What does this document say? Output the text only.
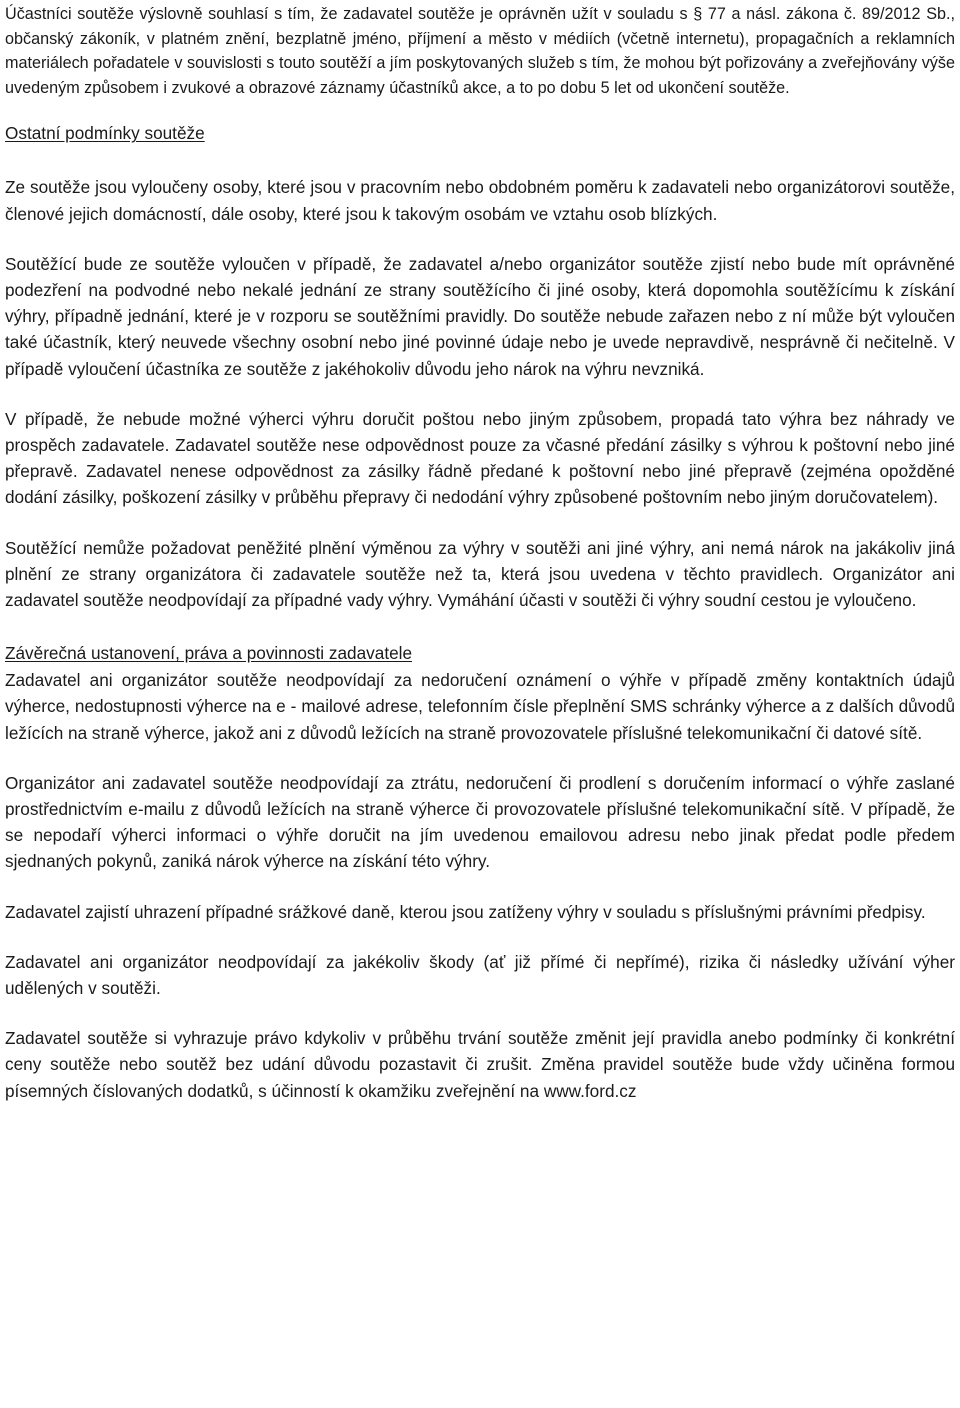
Účastníci soutěže výslovně souhlasí s tím, že zadavatel soutěže je oprávněn užít v souladu s § 77 a násl. zákona č. 89/2012 Sb., občanský zákoník, v platném znění, bezplatně jméno, příjmení a město v médiích (včetně internetu), propagačních a reklamních materiálech pořadatele v souvislosti s touto soutěží a jím poskytovaných služeb s tím, že mohou být pořizovány a zveřejňovány výše uvedeným způsobem i zvukové a obrazové záznamy účastníků akce, a to po dobu 5 let od ukončení soutěže.

Ostatní podmínky soutěže

Ze soutěže jsou vyloučeny osoby, které jsou v pracovním nebo obdobném poměru k zadavateli nebo organizátorovi soutěže, členové jejich domácností, dále osoby, které jsou k takovým osobám ve vztahu osob blízkých.

Soutěžící bude ze soutěže vyloučen v případě, že zadavatel a/nebo organizátor soutěže zjistí nebo bude mít oprávněné podezření na podvodné nebo nekalé jednání ze strany soutěžícího či jiné osoby, která dopomohla soutěžícímu k získání výhry, případně jednání, které je v rozporu se soutěžními pravidly. Do soutěže nebude zařazen nebo z ní může být vyloučen také účastník, který neuvede všechny osobní nebo jiné povinné údaje nebo je uvede nepravdivě, nesprávně či nečitelně. V případě vyloučení účastníka ze soutěže z jakéhokoliv důvodu jeho nárok na výhru nevzniká.

V případě, že nebude možné výherci výhru doručit poštou nebo jiným způsobem, propadá tato výhra bez náhrady ve prospěch zadavatele. Zadavatel soutěže nese odpovědnost pouze za včasné předání zásilky s výhrou k poštovní nebo jiné přepravě. Zadavatel nenese odpovědnost za zásilky řádně předané k poštovní nebo jiné přepravě (zejména opožděné dodání zásilky, poškození zásilky v průběhu přepravy či nedodání výhry způsobené poštovním nebo jiným doručovatelem).

Soutěžící nemůže požadovat peněžité plnění výměnou za výhry v soutěži ani jiné výhry, ani nemá nárok na jakákoliv jiná plnění ze strany organizátora či zadavatele soutěže než ta, která jsou uvedena v těchto pravidlech. Organizátor ani zadavatel soutěže neodpovídají za případné vady výhry. Vymáhání účasti v soutěži či výhry soudní cestou je vyloučeno.

Závěrečná ustanovení, práva a povinnosti zadavatele

Zadavatel ani organizátor soutěže neodpovídají za nedoručení oznámení o výhře v případě změny kontaktních údajů výherce, nedostupnosti výherce na e - mailové adrese, telefonním čísle přeplnění SMS schránky výherce a z dalších důvodů ležících na straně výherce, jakož ani z důvodů ležících na straně provozovatele příslušné telekomunikační či datové sítě.

Organizátor ani zadavatel soutěže neodpovídají za ztrátu, nedoručení či prodlení s doručením informací o výhře zaslané prostřednictvím e-mailu z důvodů ležících na straně výherce či provozovatele příslušné telekomunikační sítě. V případě, že se nepodaří výherci informaci o výhře doručit na jím uvedenou emailovou adresu nebo jinak předat podle předem sjednaných pokynů, zaniká nárok výherce na získání této výhry.

Zadavatel zajistí uhrazení případné srážkové daně, kterou jsou zatíženy výhry v souladu s příslušnými právními předpisy.

Zadavatel ani organizátor neodpovídají za jakékoliv škody (ať již přímé či nepřímé), rizika či následky užívání výher udělených v soutěži.

Zadavatel soutěže si vyhrazuje právo kdykoliv v průběhu trvání soutěže změnit její pravidla anebo podmínky či konkrétní ceny soutěže nebo soutěž bez udání důvodu pozastavit či zrušit. Změna pravidel soutěže bude vždy učiněna formou písemných číslovaných dodatků, s účinností k okamžiku zveřejnění na www.ford.cz
